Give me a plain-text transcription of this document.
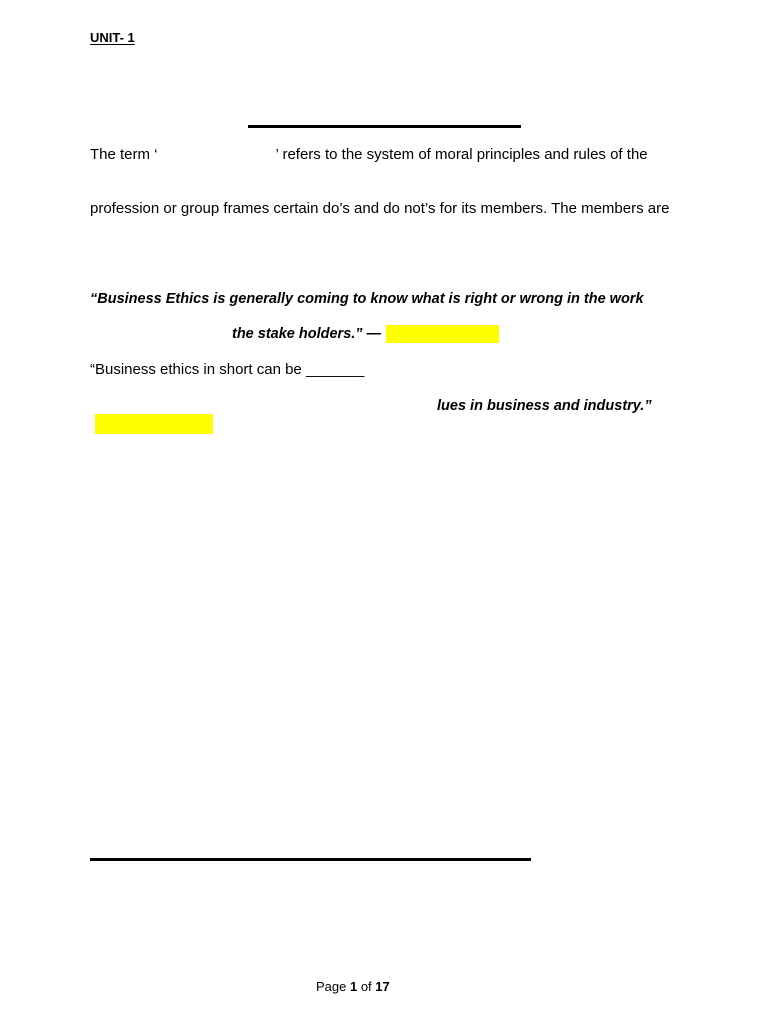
UNIT- 1
The term ‘	’ refers to the system of moral principles and rules of the
profession or group frames certain do’s and do not’s for its members. The members are
“Business Ethics is generally coming to know what is right or wrong in the work
the stake holders.” —
“Business ethics in short can be _______
lues in business and industry.”
Page 1 of 17
